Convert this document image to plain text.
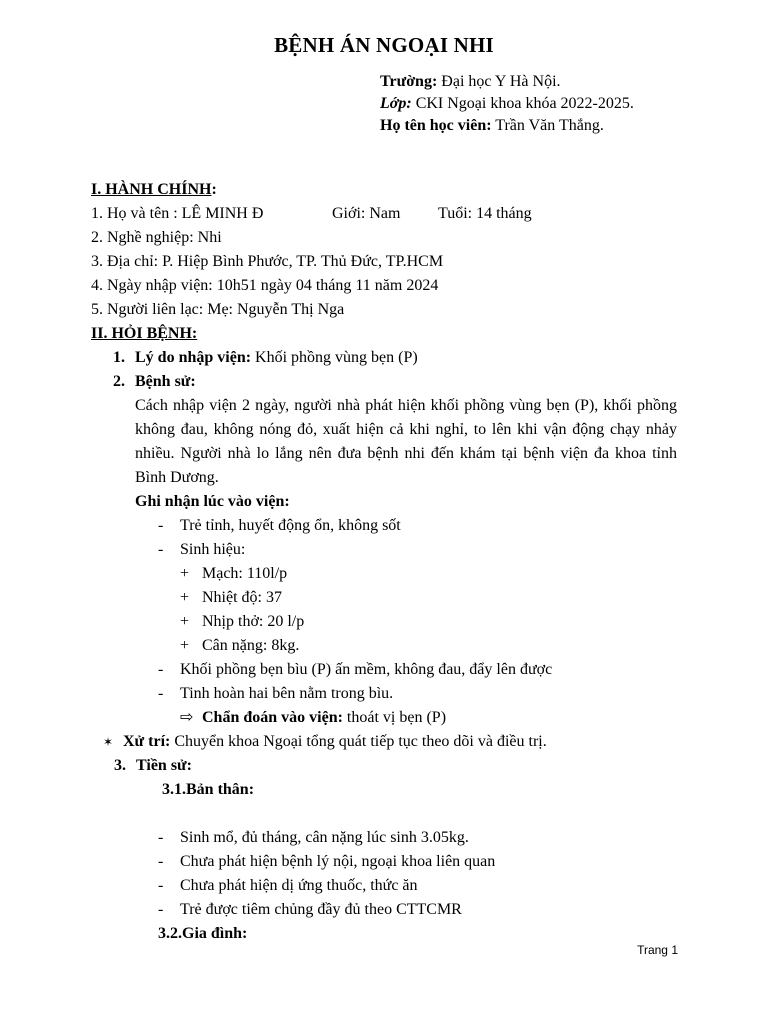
BỆNH ÁN NGOẠI NHI
Trường: Đại học Y Hà Nội.
Lớp: CKI Ngoại khoa khóa 2022-2025.
Họ tên học viên: Trần Văn Thắng.
I. HÀNH CHÍNH:
1. Họ và tên : LÊ MINH Đ	Giới: Nam Tuổi: 14 tháng
2. Nghề nghiệp: Nhi
3. Địa chỉ: P. Hiệp Bình Phước, TP. Thủ Đức, TP.HCM
4. Ngày nhập viện: 10h51 ngày 04 tháng 11 năm 2024
5. Người liên lạc: Mẹ: Nguyễn Thị Nga
II. HỎI BỆNH:
1. Lý do nhập viện: Khối phồng vùng bẹn (P)
2. Bệnh sử:
Cách nhập viện 2 ngày, người nhà phát hiện khối phồng vùng bẹn (P), khối phồng không đau, không nóng đỏ, xuất hiện cả khi nghỉ, to lên khi vận động chạy nhảy nhiều. Người nhà lo lắng nên đưa bệnh nhi đến khám tại bệnh viện đa khoa tỉnh Bình Dương.
Ghi nhận lúc vào viện:
- Trẻ tỉnh, huyết động ổn, không sốt
- Sinh hiệu:
+ Mạch: 110l/p
+ Nhiệt độ: 37
+ Nhịp thở: 20 l/p
+ Cân nặng: 8kg.
- Khối phồng bẹn bìu (P) ấn mềm, không đau, đẩy lên được
- Tinh hoàn hai bên nằm trong bìu.
⇨ Chẩn đoán vào viện: thoát vị bẹn (P)
✶ Xử trí: Chuyển khoa Ngoại tổng quát tiếp tục theo dõi và điều trị.
3. Tiền sử:
3.1.Bản thân:
- Sinh mổ, đủ tháng, cân nặng lúc sinh 3.05kg.
- Chưa phát hiện bệnh lý nội, ngoại khoa liên quan
- Chưa phát hiện dị ứng thuốc, thức ăn
- Trẻ được tiêm chủng đầy đủ theo CTTCMR
3.2.Gia đình:
Trang 1
